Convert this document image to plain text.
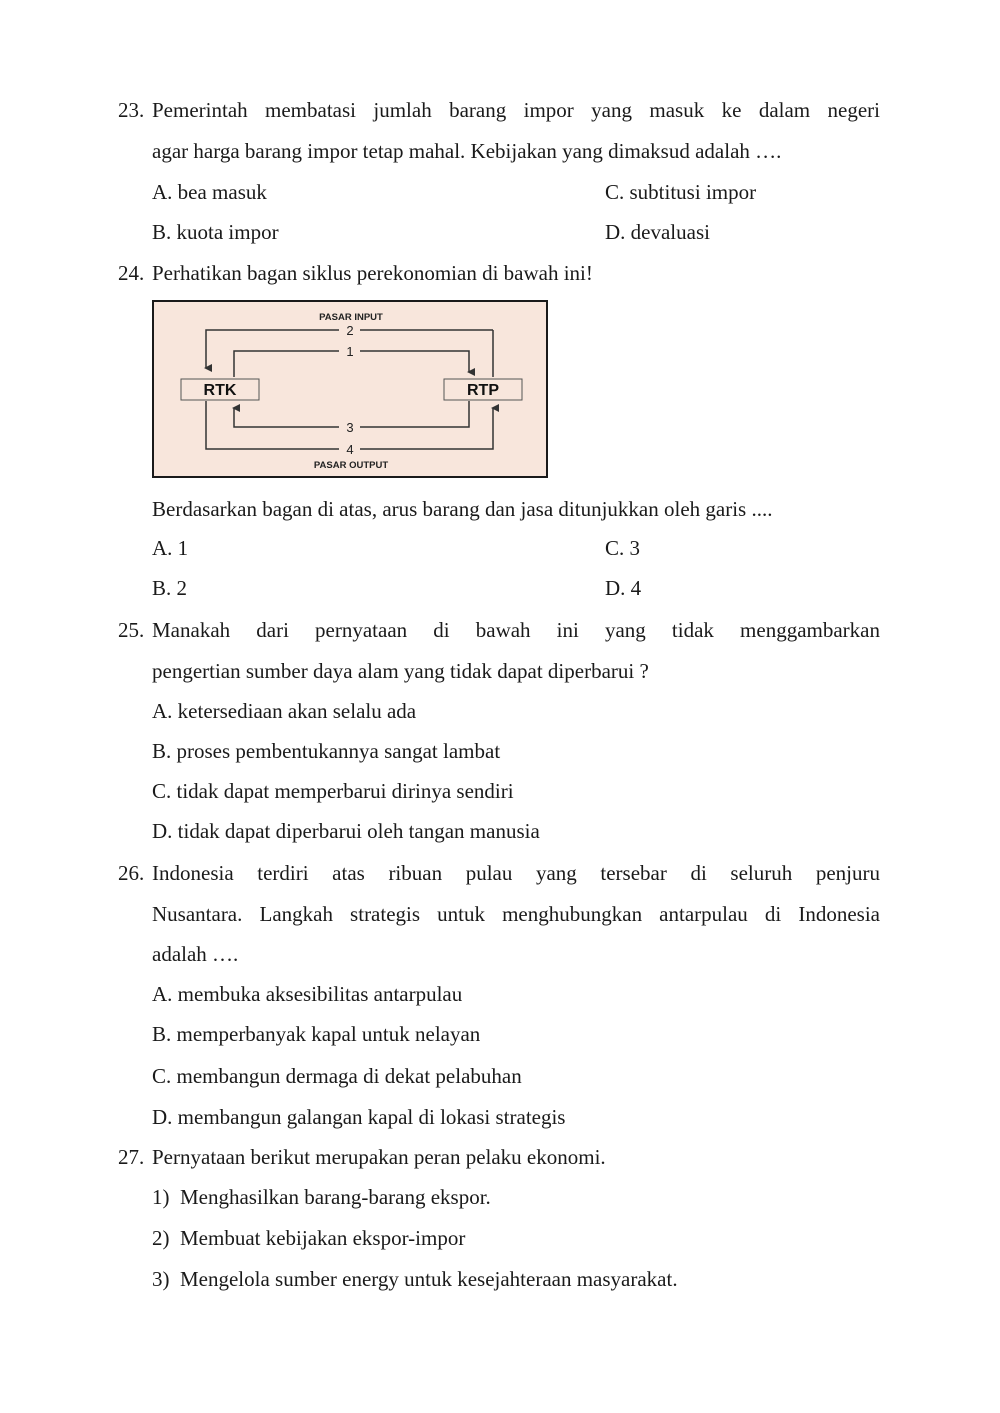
23. Pemerintah membatasi jumlah barang impor yang masuk ke dalam negeri
agar harga barang impor tetap mahal. Kebijakan yang dimaksud adalah ….
A. bea masuk
B. kuota impor
C. subtitusi impor
D. devaluasi
24. Perhatikan bagan siklus perekonomian di bawah ini!
PASAR INPUT
2
1
RTK	RTP
3
4
PASAR OUTPUT
Berdasarkan bagan di atas, arus barang dan jasa ditunjukkan oleh garis ....
A. 1
B. 2
C. 3
D. 4
25. Manakah dari pernyataan di bawah ini yang tidak menggambarkan
pengertian sumber daya alam yang tidak dapat diperbarui ?
A. ketersediaan akan selalu ada
B. proses pembentukannya sangat lambat
C. tidak dapat memperbarui dirinya sendiri
D. tidak dapat diperbarui oleh tangan manusia
26. Indonesia terdiri atas ribuan pulau yang tersebar di seluruh penjuru
Nusantara. Langkah strategis untuk menghubungkan antarpulau di Indonesia
adalah ….
A. membuka aksesibilitas antarpulau
B. memperbanyak kapal untuk nelayan
C. membangun dermaga di dekat pelabuhan
D. membangun galangan kapal di lokasi strategis
27. Pernyataan berikut merupakan peran pelaku ekonomi.
1)  Menghasilkan barang-barang ekspor.
2)  Membuat kebijakan ekspor-impor
3)  Mengelola sumber energy untuk kesejahteraan masyarakat.
